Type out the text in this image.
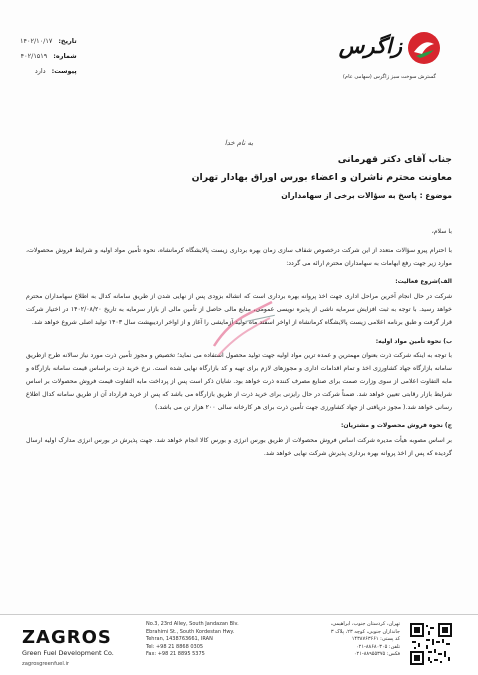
تاریخ:
۱۴۰۲/۱۰/۱۷
شماره:
۴۰۲/۱۵۱۹
پیوست:
دارد
زاگرس
گسترش سوخت سبز زاگرس (سهامی عام)
به نام خدا
جناب آقای دکتر قهرمانی
معاونت محترم ناشران و اعضاء بورس اوراق بهادار تهران
موضوع : پاسخ به سؤالات برخی از سهامداران
با سلام،
با احترام پیرو سؤالات متعدد از این شرکت درخصوص شفاف سازی زمان بهره برداری زیست پالایشگاه کرمانشاه، نحوه تأمین مواد اولیه و شرایط فروش محصولات، موارد زیر جهت رفع ابهامات به سهامداران محترم ارائه می گردد:
الف)شروع فعالیت:
شرکت در حال انجام آخرین مراحل اداری جهت اخذ پروانه بهره برداری است که انشاله بزودی پس از نهایی شدن از طریق سامانه کدال به اطلاع سهامداران محترم خواهد رسید. با توجه به ثبت افزایش سرمایه ناشی از پذیره نویسی عمومی، منابع مالی حاصل از تأمین مالی از بازار سرمایه به تاریخ ۱۴۰۲/۰۸/۲۰ در اختیار شرکت قرار گرفت و طبق برنامه اعلامی زیست پالایشگاه کرمانشاه از اواخر اسفند ماه تولید آزمایشی را آغاز و از اواخر اردیبهشت سال ۱۴۰۳ تولید اصلی شروع خواهد شد.
ب) نحوه تأمین مواد اولیه:
با توجه به اینکه شرکت ذرت بعنوان مهمترین و عمده ترین مواد اولیه جهت تولید محصول استفاده می نماید؛ تخصیص و مجوز تأمین ذرت مورد نیاز سالانه طرح ازطریق سامانه بازارگاه جهاد کشاورزی اخذ و تمام اقدامات اداری و مجوزهای لازم برای تهیه و کد بازارگاه نهایی شده است. نرخ خرید ذرت براساس قیمت سامانه بازارگاه و مابه التفاوت اعلامی از سوی وزارت صمت برای صنایع مصرف کننده ذرت خواهد بود. شایان ذکر است پس از پرداخت مابه التفاوت قیمت فروش محصولات بر اساس شرایط بازار رقابتی تعیین خواهد شد. ضمناً شرکت در حال رایزنی برای خرید ذرت از طریق بازارگاه می باشد که پس از خرید قرارداد آن از طریق سامانه کدال اطلاع رسانی خواهد شد.( مجوز دریافتی از جهاد کشاورزی جهت تأمین ذرت برای هر کارخانه سالی ۲۰۰ هزار تن می باشد.)
ج) نحوه فروش محصولات و مشتریان:
بر اساس مصوبه هیأت مدیره شرکت اساس فروش محصولات از طریق بورس انرژی و بورس کالا انجام خواهد شد. جهت پذیرش در بورس انرژی مدارک اولیه ارسال گردیده که پس از اخذ پروانه بهره برداری پذیرش شرکت نهایی خواهد شد.
ZAGROS
Green Fuel Development Co.
zagrosgreenfuel.ir
No.3, 23rd Alley, South Jandazan Blv.
Ebrahimi St., South Kordestan Hwy.
Tehran, 1438763661, IRAN
Tel: +98 21 8868 0305
Fax: +98 21 8895 5375
تهران، کردستان جنوب، ابراهیمی،
جاندازان جنوبی، کوچه ۲۳، پلاک ۳
کد پستی: ۱۴۳۸۷۶۳۶۶۱
تلفن: ۸۸۶۸۰۳۰۵-۰۲۱
فکس: ۸۸۹۵۵۳۷۵-۰۲۱
